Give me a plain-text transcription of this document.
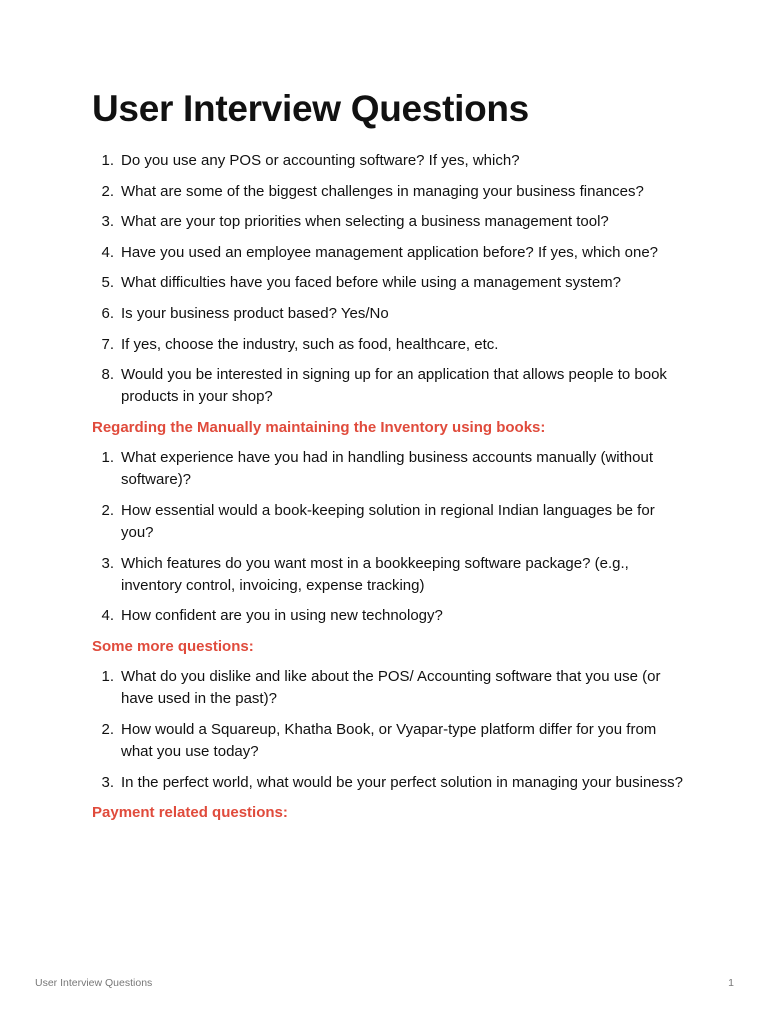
User Interview Questions
1. Do you use any POS or accounting software? If yes, which?
2. What are some of the biggest challenges in managing your business finances?
3. What are your top priorities when selecting a business management tool?
4. Have you used an employee management application before? If yes, which one?
5. What difficulties have you faced before while using a management system?
6. Is your business product based? Yes/No
7. If yes, choose the industry, such as food, healthcare, etc.
8. Would you be interested in signing up for an application that allows people to book products in your shop?
Regarding the Manually maintaining the Inventory using books:
1. What experience have you had in handling business accounts manually (without software)?
2. How essential would a book-keeping solution in regional Indian languages be for you?
3. Which features do you want most in a bookkeeping software package? (e.g., inventory control, invoicing, expense tracking)
4. How confident are you in using new technology?
Some more questions:
1. What do you dislike and like about the POS/ Accounting software that you use (or have used in the past)?
2. How would a Squareup, Khatha Book, or Vyapar-type platform differ for you from what you use today?
3. In the perfect world, what would be your perfect solution in managing your business?
Payment related questions:
User Interview Questions	1
